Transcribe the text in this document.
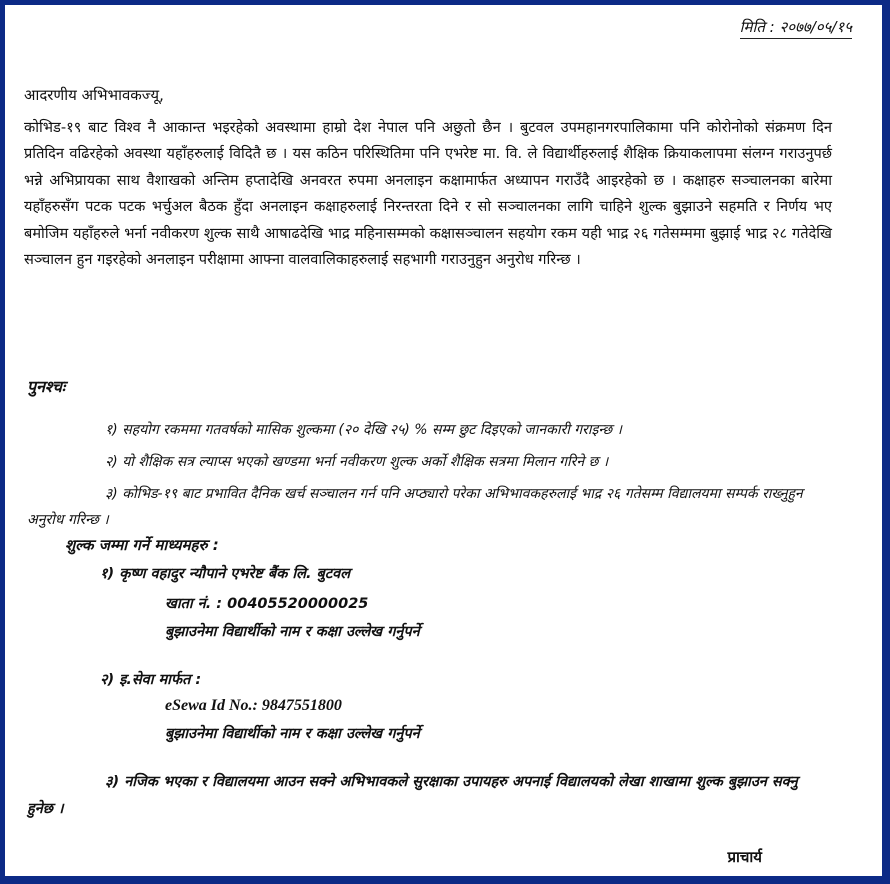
मिति : २०७७/०५/१५
आदरणीय अभिभावकज्यू,

कोभिड-१९ बाट विश्व नै आकान्त भइरहेको अवस्थामा हाम्रो देश नेपाल पनि अछुतो छैन । बुटवल उपमहानगरपालिकामा पनि कोरोनोको संक्रमण दिन प्रतिदिन वढिरहेको अवस्था यहाँहरुलाई विदितै छ । यस कठिन परिस्थितिमा पनि एभरेष्ट मा. वि. ले विद्यार्थीहरुलाई शैक्षिक क्रियाकलापमा संलग्न गराउनुपर्छ भन्ने अभिप्रायका साथ वैशाखको अन्तिम हप्तादेखि अनवरत रुपमा अनलाइन कक्षामार्फत अध्यापन गराउँदै आइरहेको छ । कक्षाहरु सञ्चालनका बारेमा यहाँहरुसँग पटक पटक भर्चुअल बैठक हुँदा अनलाइन कक्षाहरुलाई निरन्तरता दिने र सो सञ्चालनका लागि चाहिने शुल्क बुझाउने सहमति र निर्णय भए बमोजिम यहाँहरुले भर्ना नवीकरण शुल्क साथै आषाढदेखि भाद्र महिनासम्मको कक्षासञ्चालन सहयोग रकम यही भाद्र २६ गतेसम्ममा बुझाई भाद्र २८ गतेदेखि सञ्चालन हुन गइरहेको अनलाइन परीक्षामा आफ्ना वालवालिकाहरुलाई सहभागी गराउनुहुन अनुरोध गरिन्छ ।

पुनश्चः
१) सहयोग रकममा गतवर्षको मासिक शुल्कमा (२० देखि २५) % सम्म छुट दिइएको जानकारी गराइन्छ ।
२) यो शैक्षिक सत्र ल्याप्स भएको खण्डमा भर्ना नवीकरण शुल्क अर्को शैक्षिक सत्रमा मिलान गरिने छ ।
३) कोभिड-१९ बाट प्रभावित दैनिक खर्च सञ्चालन गर्न पनि अप्ठ्यारो परेका अभिभावकहरुलाई भाद्र २६ गतेसम्म विद्यालयमा सम्पर्क राख्नुहुन अनुरोध गरिन्छ ।
शुल्क जम्मा गर्ने माध्यमहरु :
१) कृष्ण वहादुर न्यौपाने एभरेष्ट बैंक लि. बुटवल
खाता नं. : 00405520000025
बुझाउनेमा विद्यार्थीको नाम र कक्षा उल्लेख गर्नुपर्ने
२) इ.सेवा मार्फत :
eSewa Id No.: 9847551800
बुझाउनेमा विद्यार्थीको नाम र कक्षा उल्लेख गर्नुपर्ने
३) नजिक भएका र विद्यालयमा आउन सक्ने अभिभावकले सुरक्षाका उपायहरु अपनाई विद्यालयको लेखा शाखामा शुल्क बुझाउन सक्नु हुनेछ ।
प्राचार्य
